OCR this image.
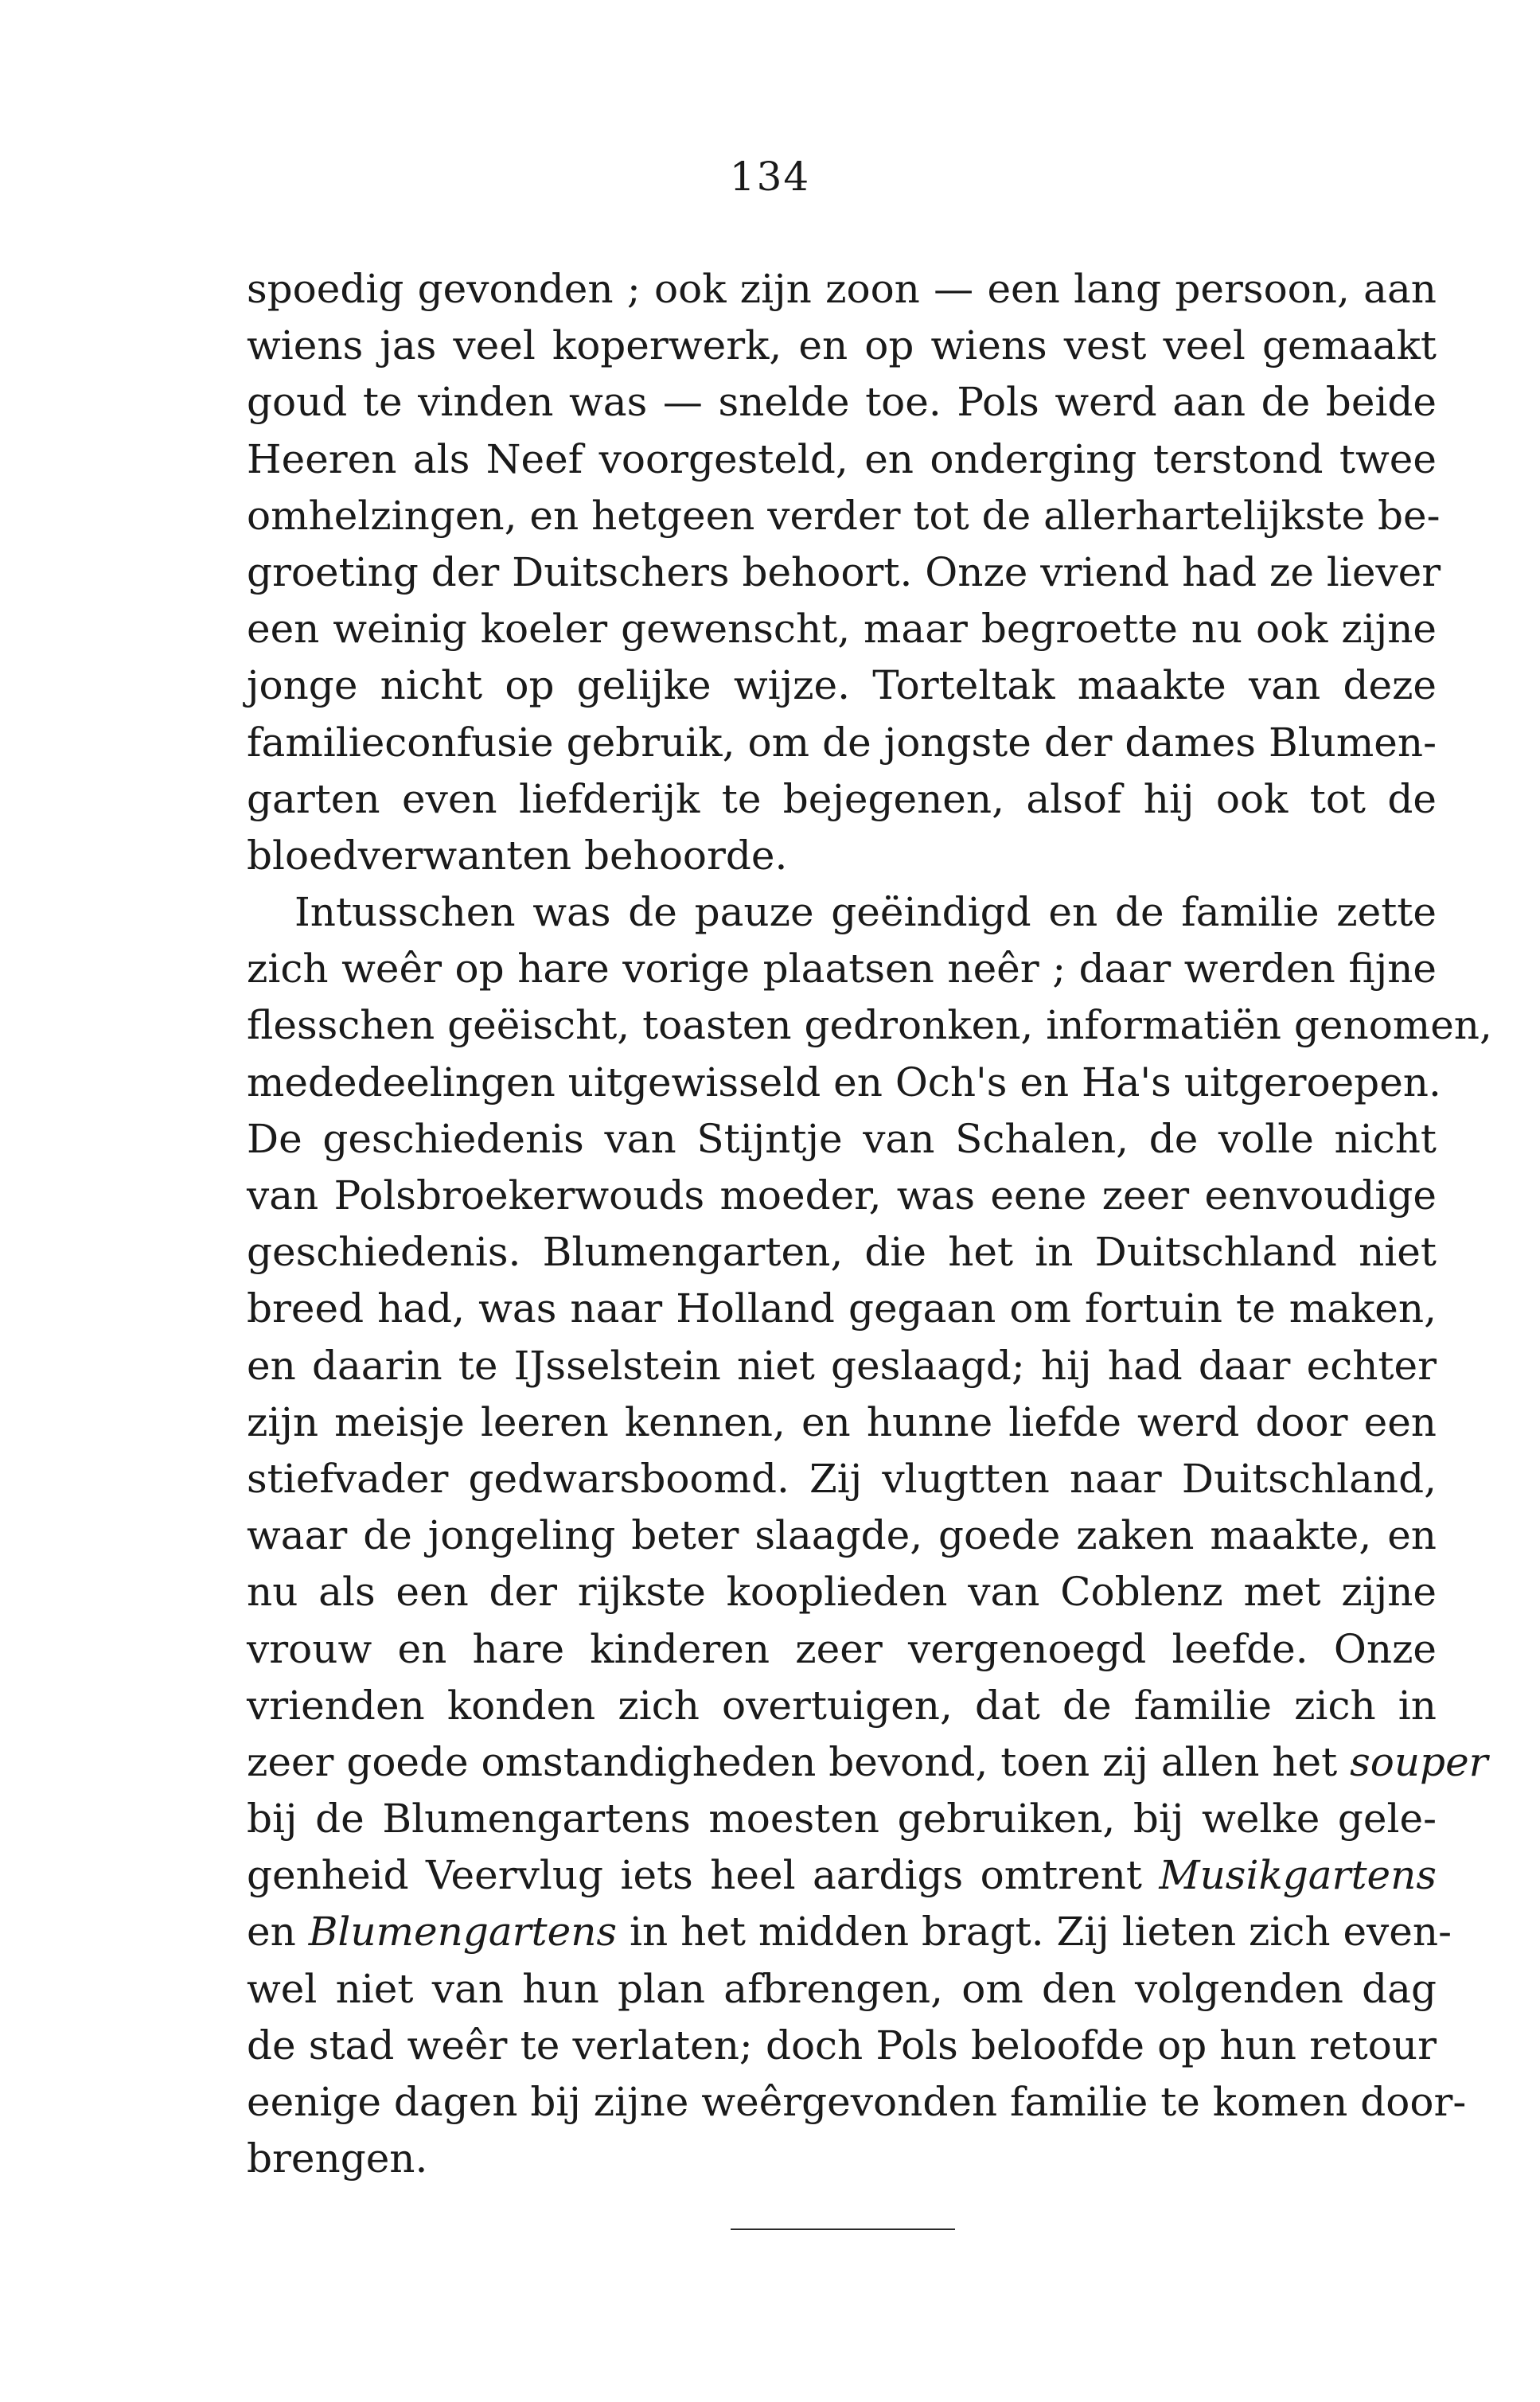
134
spoedig gevonden ; ook zijn zoon — een lang persoon, aan
wiens jas veel koperwerk, en op wiens vest veel gemaakt
goud te vinden was — snelde toe. Pols werd aan de beide
Heeren als Neef voorgesteld, en onderging terstond twee
omhelzingen, en hetgeen verder tot de allerhartelijkste be-
groeting der Duitschers behoort. Onze vriend had ze liever
een weinig koeler gewenscht, maar begroette nu ook zijne
jonge nicht op gelijke wijze. Torteltak maakte van deze
familieconfusie gebruik, om de jongste der dames Blumen-
garten even liefderijk te bejegenen, alsof hij ook tot de
bloedverwanten behoorde.
Intusschen was de pauze geëindigd en de familie zette
zich weêr op hare vorige plaatsen neêr ; daar werden fijne
flesschen geëischt, toasten gedronken, informatiën genomen,
mededeelingen uitgewisseld en Och's en Ha's uitgeroepen.
De geschiedenis van Stijntje van Schalen, de volle nicht
van Polsbroekerwouds moeder, was eene zeer eenvoudige
geschiedenis. Blumengarten, die het in Duitschland niet
breed had, was naar Holland gegaan om fortuin te maken,
en daarin te IJsselstein niet geslaagd; hij had daar echter
zijn meisje leeren kennen, en hunne liefde werd door een
stiefvader gedwarsboomd. Zij vlugtten naar Duitschland,
waar de jongeling beter slaagde, goede zaken maakte, en
nu als een der rijkste kooplieden van Coblenz met zijne
vrouw en hare kinderen zeer vergenoegd leefde. Onze
vrienden konden zich overtuigen, dat de familie zich in
zeer goede omstandigheden bevond, toen zij allen het souper
bij de Blumengartens moesten gebruiken, bij welke gele-
genheid Veervlug iets heel aardigs omtrent Musikgartens
en Blumengartens in het midden bragt. Zij lieten zich even-
wel niet van hun plan afbrengen, om den volgenden dag
de stad weêr te verlaten; doch Pols beloofde op hun retour
eenige dagen bij zijne weêrgevonden familie te komen door-
brengen.
